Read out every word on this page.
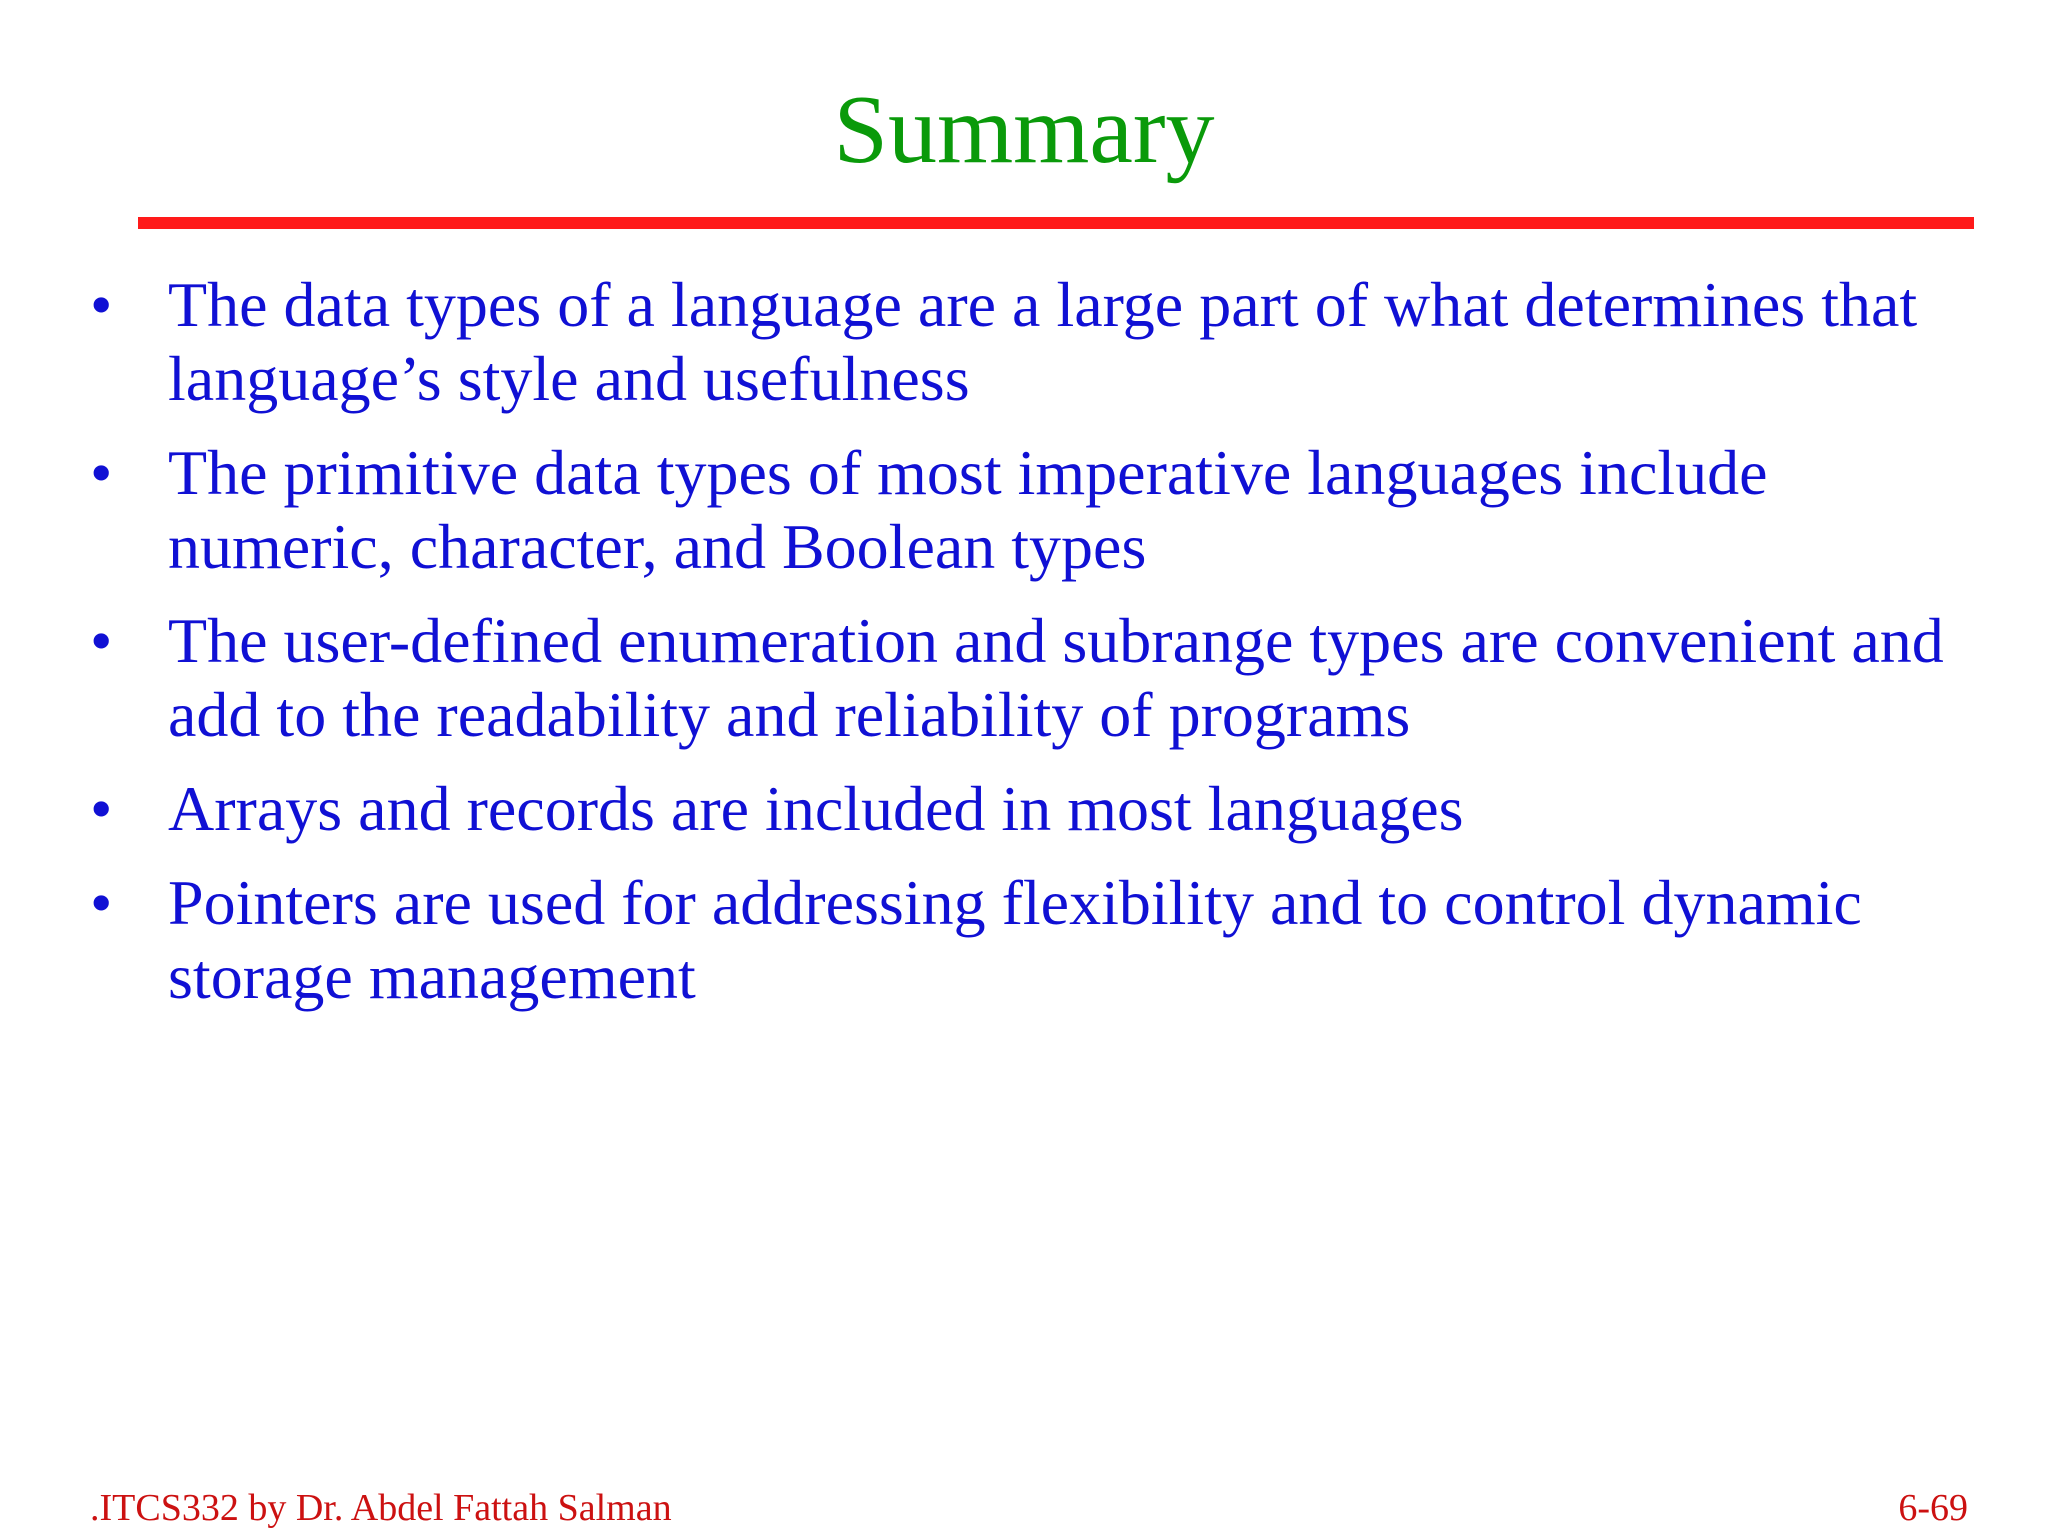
Summary
• The data types of a language are a large part of what determines that language’s style and usefulness
• The primitive data types of most imperative languages include numeric, character, and Boolean types
• The user-defined enumeration and subrange types are convenient and add to the readability and reliability of programs
• Arrays and records are included in most languages
• Pointers are used for addressing flexibility and to control dynamic storage management
.ITCS332 by Dr. Abdel Fattah Salman	6-69
